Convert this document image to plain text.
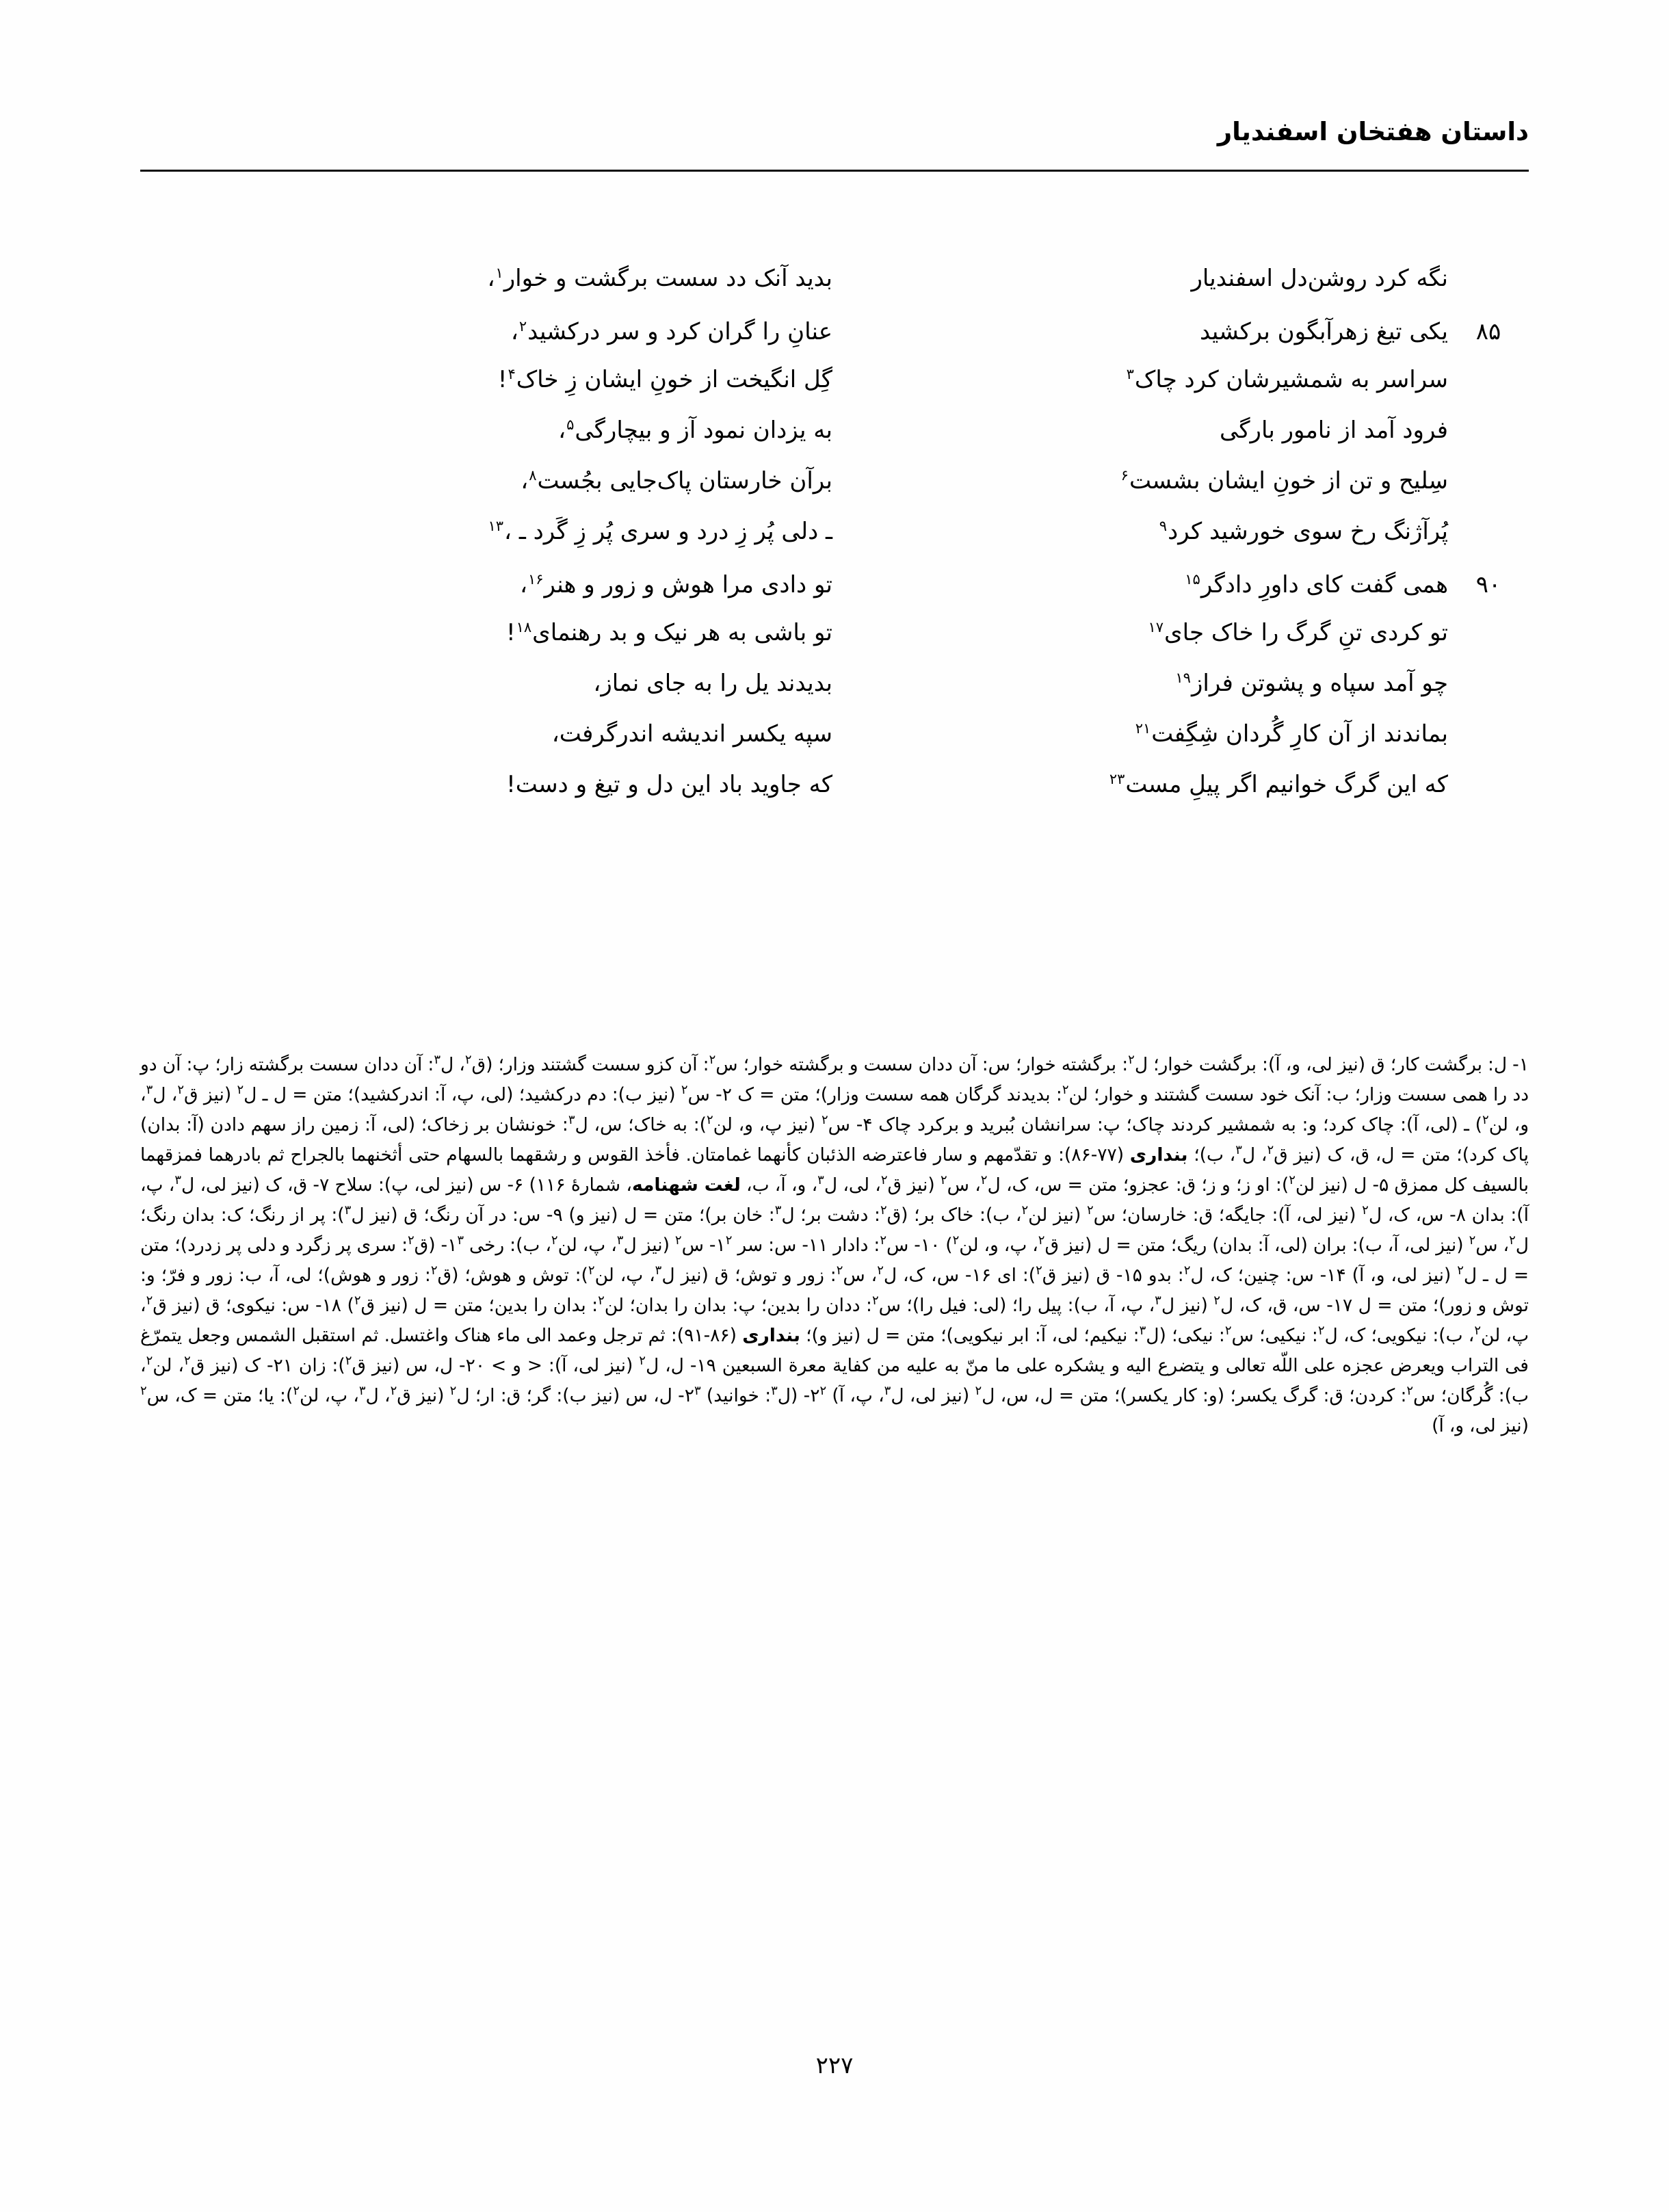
داستان هفتخان اسفندیار
نگه کرد روشن‌دل اسفندیار
بدید آنک دد سست برگشت و خوار$^۱$،
۸۵
یکی تیغ زهرآبگون برکشید
عنانِ را گران کرد و سر درکشید$^۲$،
سراسر به شمشیرشان کرد چاک$^۳$
گِل انگیخت از خونِ ایشان زِ خاک$^۴$!
فرود آمد از نامور بارگی
به یزدان نمود آز و بیچارگی$^۵$،
سِلیح و تن از خونِ ایشان بشست$^۶$
برآن خارستان پاک‌جایی بجُست$^۸$،
پُرآژنگ رخ سوی خورشید کرد$^۹$
ـ دلی پُر زِ درد و سری پُر زِ گَرد ـ ،$^{۱۳}$
۹۰
همی گفت کای داورِ دادگر$^{۱۵}$
تو دادی مرا هوش و زور و هنر$^{۱۶}$،
تو کردی تنِ گرگ را خاک جای$^{۱۷}$
تو باشی به هر نیک و بد رهنمای$^{۱۸}$!
چو آمد سپاه و پشوتن فراز$^{۱۹}$
بدیدند یل را به جای نماز،
بماندند از آن کارِ گُردان شِگِفت$^{۲۱}$
سپه یکسر اندیشه اندرگرفت،
که این گرگ خوانیم اگر پیلِ مست$^{۲۳}$
که جاوید باد این دل و تیغ و دست!
۱- ل: برگشت کار؛ ق (نیز لی، و، آ): برگشت خوار؛ ل$^۲$: برگشته خوار؛ س: آن ددان سست و برگشته خوار؛ س$^۲$: آن کزو سست گشتند وزار؛ (ق$^۲$، ل$^۳$: آن ددان سست برگشته زار؛ پ: آن دو دد را همی سست وزار؛ ب: آنک خود سست گشتند و خوار؛ لن$^۲$: بدیدند گرگان همه سست وزار)؛ متن = ک ۲- س$^۲$ (نیز ب): دم درکشید؛ (لی، پ، آ: اندرکشید)؛ متن = ل ـ ل$^۲$ (نیز ق$^۲$، ل$^۳$، و، لن$^۲$) ـ (لی، آ): چاک کرد؛ و: به شمشیر کردند چاک؛ پ: سرانشان بُبرید و برکرد چاک ۴- س$^۲$ (نیز پ، و، لن$^۲$): به خاک؛ س، ل$^۳$: خونشان بر زخاک؛ (لی، آ: زمین راز سهم دادن (آ: بدان) پاک کرد)؛ متن = ل، ق، ک (نیز ق$^۲$، ل$^۳$، ب)؛ بنداری (۷۷-۸۶): و تقدّمهم و سار فاعترضه الذئبان کأنهما غمامتان. فأخذ القوس و رشقهما بالسهام حتی أثخنهما بالجراح ثم بادرهما فمزقهما بالسیف کل ممزق ۵- ل (نیز لن$^۲$): او ز؛ و ز؛ ق: عجزو؛ متن = س، ک، ل$^۲$، س$^۲$ (نیز ق$^۲$، لی، ل$^۳$، و، آ، ب، لغت شهنامه، شمارهٔ ۱۱۶) ۶- س (نیز لی، پ): سلاح ۷- ق، ک (نیز لی، ل$^۳$، پ، آ): بدان ۸- س، ک، ل$^۲$ (نیز لی، آ): جایگه؛ ق: خارسان؛ س$^۲$ (نیز لن$^۲$، ب): خاک بر؛ (ق$^۲$: دشت بر؛ ل$^۳$: خان بر)؛ متن = ل (نیز و) ۹- س: در آن رنگ؛ ق (نیز ل$^۳$): پر از رنگ؛ ک: بدان رنگ؛ ل$^۲$، س$^۲$ (نیز لی، آ، ب): بران (لی، آ: بدان) ریگ؛ متن = ل (نیز ق$^۲$، پ، و، لن$^۲$) ۱۰- س$^۲$: دادار ۱۱- س: سر $۱^۲-$ س$^۲$ (نیز ل$^۳$، پ، لن$^۲$، ب): رخی $۱^۳-$ (ق$^۲$: سری پر زگرد و دلی پر زدرد)؛ متن = ل ـ ل$^۲$ (نیز لی، و، آ) ۱۴- س: چنین؛ ک، ل$^۲$: بدو ۱۵- ق (نیز ق$^۲$): ای ۱۶- س، ک، ل$^۲$، س$^۲$: زور و توش؛ ق (نیز ل$^۳$، پ، لن$^۲$): توش و هوش؛ (ق$^۲$: زور و هوش)؛ لی، آ، ب: زور و فرّ؛ و: توش و زور)؛ متن = ل ۱۷- س، ق، ک، ل$^۲$ (نیز ل$^۳$، پ، آ، ب): پیل را؛ (لی: فیل را)؛ س$^۲$: ددان را بدین؛ پ: بدان را بدان؛ لن$^۲$: بدان را بدین؛ متن = ل (نیز ق$^۲$) ۱۸- س: نیکوی؛ ق (نیز ق$^۲$، پ، لن$^۲$، ب): نیکویی؛ ک، ل$^۲$: نیکیی؛ س$^۲$: نیکی؛ (ل$^۳$: نیکیم؛ لی، آ: ابر نیکویی)؛ متن = ل (نیز و)؛ بنداری (۸۶-۹۱): ثم ترجل وعمد الی ماء هناک واغتسل. ثم استقبل الشمس وجعل یتمرّغ فی التراب ویعرض عجزه علی اللّه تعالی و یتضرع الیه و یشکره علی ما منّ به علیه من کفایة معرة السبعین ۱۹- ل، ل$^۲$ (نیز لی، آ): < و > ۲۰- ل، س (نیز ق$^۲$): زان ۲۱- ک (نیز ق$^۲$، لن$^۲$، ب): گُرگان؛ س$^۲$: کردن؛ ق: گرگ یکسر؛ (و: کار یکسر)؛ متن = ل، س، ل$^۲$ (نیز لی، ل$^۳$، پ، آ) $۲^۲-$ (ل$^۳$: خوانید) $۲^۳-$ ل، س (نیز ب): گر؛ ق: ار؛ ل$^۲$ (نیز ق$^۲$، ل$^۳$، پ، لن$^۲$): یا؛ متن = ک، س$^۲$ (نیز لی، و، آ)
۲۲۷
